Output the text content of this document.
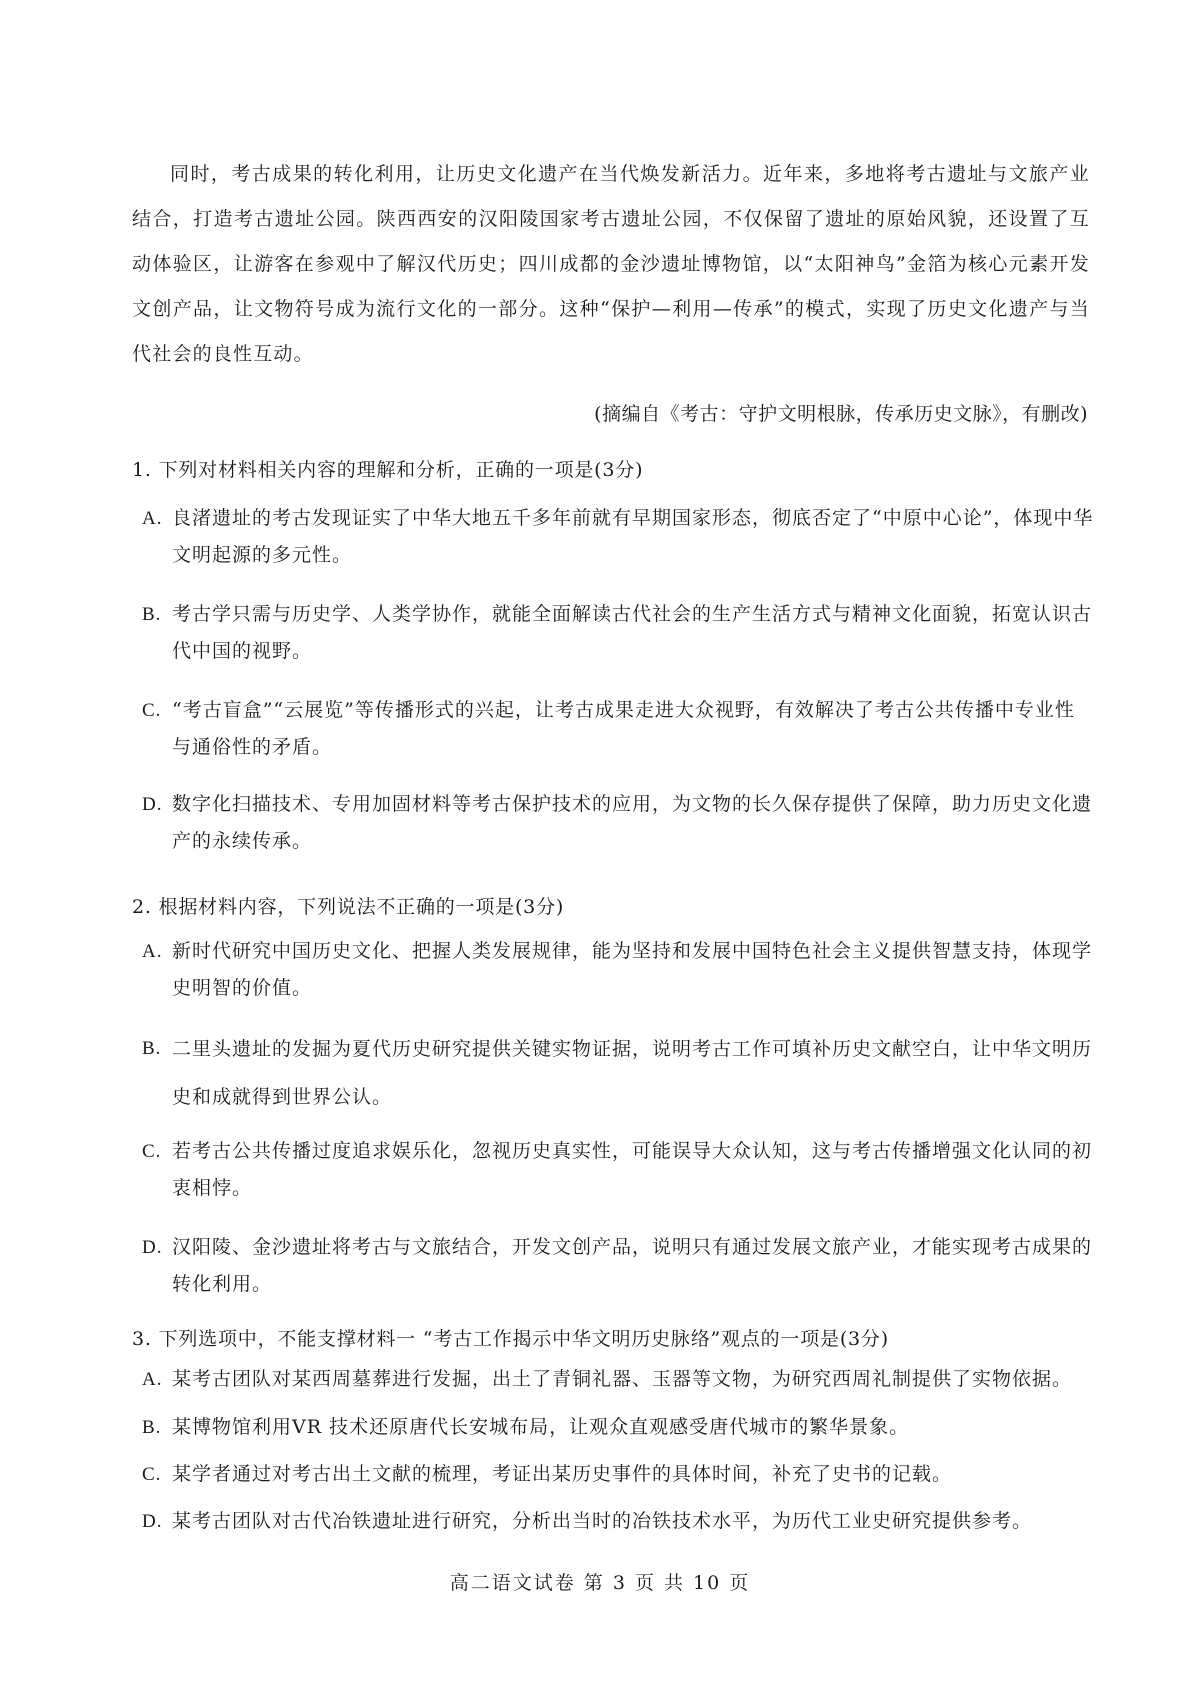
同时，考古成果的转化利用，让历史文化遗产在当代焕发新活力。近年来，多地将考古遗址与文旅产业结合，打造考古遗址公园。陕西西安的汉阳陵国家考古遗址公园，不仅保留了遗址的原始风貌，还设置了互动体验区，让游客在参观中了解汉代历史；四川成都的金沙遗址博物馆，以“太阳神鸟”金箔为核心元素开发文创产品，让文物符号成为流行文化的一部分。这种“保护—利用—传承”的模式，实现了历史文化遗产与当代社会的良性互动。

(摘编自《考古：守护文明根脉，传承历史文脉》，有删改)

1. 下列对材料相关内容的理解和分析，正确的一项是(3分)

A. 良渚遗址的考古发现证实了中华大地五千多年前就有早期国家形态，彻底否定了“中原中心论”，体现中华文明起源的多元性。
B. 考古学只需与历史学、人类学协作，就能全面解读古代社会的生产生活方式与精神文化面貌，拓宽认识古代中国的视野。
C. “考古盲盒”“云展览”等传播形式的兴起，让考古成果走进大众视野，有效解决了考古公共传播中专业性与通俗性的矛盾。
D. 数字化扫描技术、专用加固材料等考古保护技术的应用，为文物的长久保存提供了保障，助力历史文化遗产的永续传承。

2. 根据材料内容，下列说法不正确的一项是(3分)

A. 新时代研究中国历史文化、把握人类发展规律，能为坚持和发展中国特色社会主义提供智慧支持，体现学史明智的价值。
B. 二里头遗址的发掘为夏代历史研究提供关键实物证据，说明考古工作可填补历史文献空白，让中华文明历史和成就得到世界公认。
C. 若考古公共传播过度追求娱乐化，忽视历史真实性，可能误导大众认知，这与考古传播增强文化认同的初衷相悖。
D. 汉阳陵、金沙遗址将考古与文旅结合，开发文创产品，说明只有通过发展文旅产业，才能实现考古成果的转化利用。

3. 下列选项中，不能支撑材料一 “考古工作揭示中华文明历史脉络”观点的一项是(3分)

A. 某考古团队对某西周墓葬进行发掘，出土了青铜礼器、玉器等文物，为研究西周礼制提供了实物依据。
B. 某博物馆利用VR 技术还原唐代长安城布局，让观众直观感受唐代城市的繁华景象。
C. 某学者通过对考古出土文献的梳理，考证出某历史事件的具体时间，补充了史书的记载。
D. 某考古团队对古代冶铁遗址进行研究，分析出当时的冶铁技术水平，为历代工业史研究提供参考。

高二语文试卷 第 3 页 共 10 页
